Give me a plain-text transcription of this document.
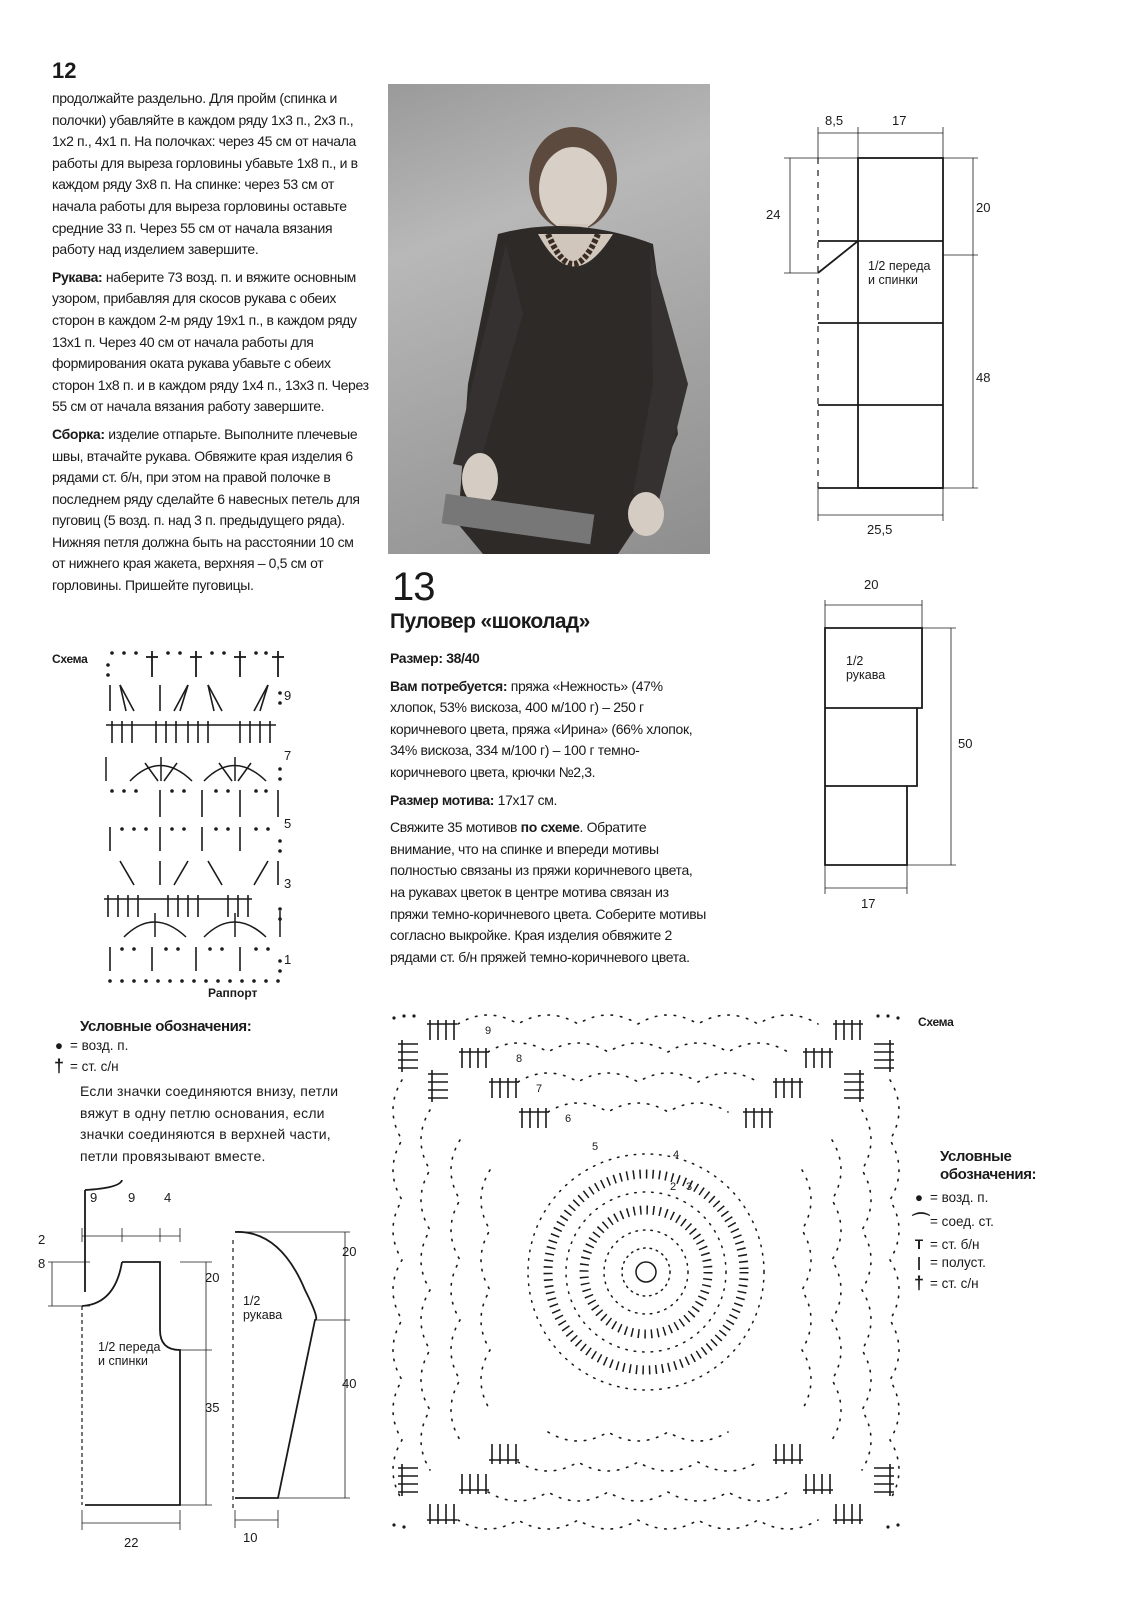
12

продолжайте раздельно. Для пройм (спинка и полочки) убавляйте в каждом ряду 1х3 п., 2х3 п., 1х2 п., 4х1 п. На полочках: через 45 см от начала работы для выреза горловины убавьте 1х8 п., и в каждом ряду 3х8 п. На спинке: через 53 см от начала работы для выреза горловины оставьте средние 33 п. Через 55 см от начала вязания работу над изделием завершите.

Рукава: наберите 73 возд. п. и вяжите основным узором, прибавляя для скосов рукава с обеих сторон в каждом 2-м ряду 19х1 п., в каждом ряду 13х1 п. Через 40 см от начала работы для формирования оката рукава убавьте с обеих сторон 1х8 п. и в каждом ряду 1х4 п., 13х3 п. Через 55 см от начала вязания работу завершите.

Сборка: изделие отпарьте. Выполните плечевые швы, втачайте рукава. Обвяжите края изделия 6 рядами ст. б/н, при этом на правой полочке в последнем ряду сделайте 6 навесных петель для пуговиц (5 возд. п. над 3 п. предыдущего ряда). Нижняя петля должна быть на расстоянии 10 см от нижнего края жакета, верхняя – 0,5 см от горловины. Пришейте пуговицы.

Схема
9
7
5
3
1
Раппорт
Условные обозначения:
● = возд. п.
† = ст. с/н
Если значки соединяются внизу, петли вяжут в одну петлю основания, если значки соединяются в верхней части, петли провязывают вместе.
9 9 4
2
8
20
35
22
1/2 переда и спинки
20
40
10
1/2 рукава
13
Пуловер «шоколад»

Размер: 38/40

Вам потребуется: пряжа «Нежность» (47% хлопок, 53% вискоза, 400 м/100 г) – 250 г коричневого цвета, пряжа «Ирина» (66% хлопок, 34% вискоза, 334 м/100 г) – 100 г темно-коричневого цвета, крючки №2,3.

Размер мотива: 17х17 см.

Свяжите 35 мотивов по схеме. Обратите внимание, что на спинке и впереди мотивы полностью связаны из пряжи коричневого цвета, на рукавах цветок в центре мотива связан из пряжи темно-коричневого цвета. Соберите мотивы согласно выкройке. Края изделия обвяжите 2 рядами ст. б/н пряжей темно-коричневого цвета.

8,5	17
24	20
48
25,5
1/2 переда и спинки
20
50
17
1/2 рукава
Схема
2 3
4
5
6
7
8
9
Условные обозначения:
● = возд. п.
⌒ = соед. ст.
T = ст. б/н
| = полуст.
† = ст. с/н
